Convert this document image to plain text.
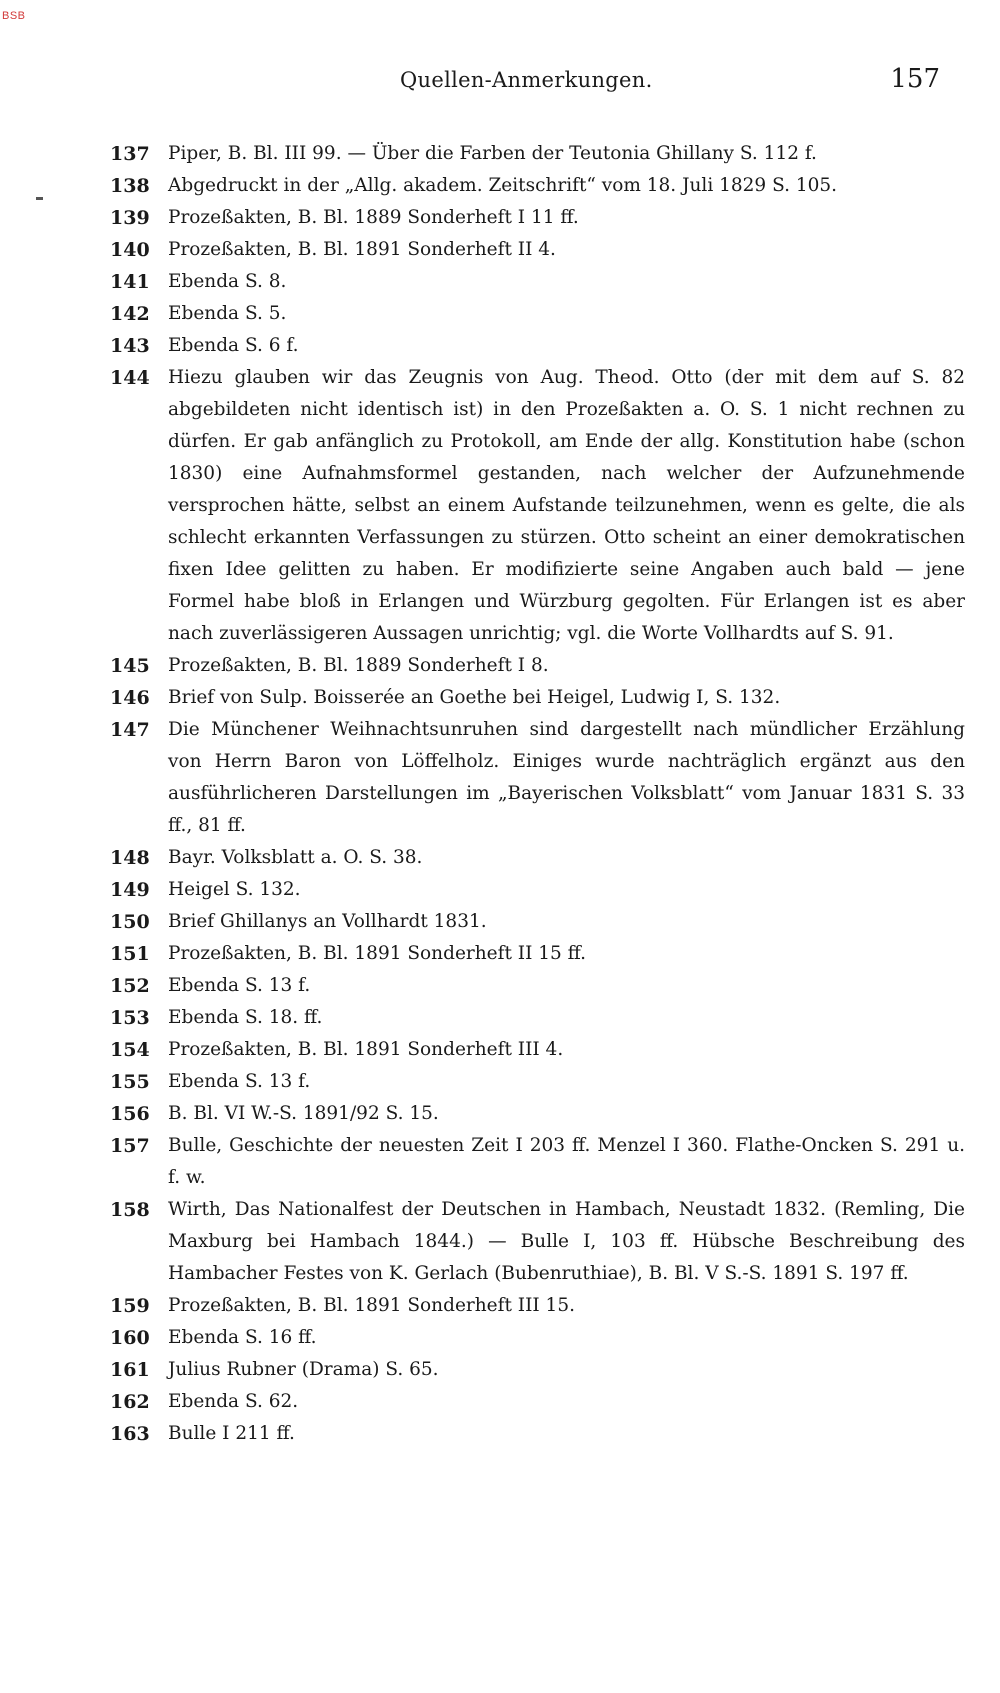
BSB
Quellen-Anmerkungen.	157
137 Piper, B. Bl. III 99. — Über die Farben der Teutonia Ghillany S. 112 f.
138 Abgedruckt in der „Allg. akadem. Zeitschrift“ vom 18. Juli 1829 S. 105.
139 Prozeßakten, B. Bl. 1889 Sonderheft I 11 ff.
140 Prozeßakten, B. Bl. 1891 Sonderheft II 4.
141 Ebenda S. 8.
142 Ebenda S. 5.
143 Ebenda S. 6 f.
144 Hiezu glauben wir das Zeugnis von Aug. Theod. Otto (der mit dem auf S. 82 abgebildeten nicht identisch ist) in den Prozeßakten a. O. S. 1 nicht rechnen zu dürfen. Er gab anfänglich zu Protokoll, am Ende der allg. Konstitution habe (schon 1830) eine Aufnahmsformel gestanden, nach welcher der Aufzunehmende versprochen hätte, selbst an einem Aufstande teilzunehmen, wenn es gelte, die als schlecht erkannten Verfassungen zu stürzen. Otto scheint an einer demokratischen fixen Idee gelitten zu haben. Er modifizierte seine Angaben auch bald — jene Formel habe bloß in Erlangen und Würzburg gegolten. Für Erlangen ist es aber nach zuverlässigeren Aussagen unrichtig; vgl. die Worte Vollhardts auf S. 91.
145 Prozeßakten, B. Bl. 1889 Sonderheft I 8.
146 Brief von Sulp. Boisserée an Goethe bei Heigel, Ludwig I, S. 132.
147 Die Münchener Weihnachtsunruhen sind dargestellt nach mündlicher Erzählung von Herrn Baron von Löffelholz. Einiges wurde nachträglich ergänzt aus den ausführlicheren Darstellungen im „Bayerischen Volksblatt“ vom Januar 1831 S. 33 ff., 81 ff.
148 Bayr. Volksblatt a. O. S. 38.
149 Heigel S. 132.
150 Brief Ghillanys an Vollhardt 1831.
151 Prozeßakten, B. Bl. 1891 Sonderheft II 15 ff.
152 Ebenda S. 13 f.
153 Ebenda S. 18. ff.
154 Prozeßakten, B. Bl. 1891 Sonderheft III 4.
155 Ebenda S. 13 f.
156 B. Bl. VI W.-S. 1891/92 S. 15.
157 Bulle, Geschichte der neuesten Zeit I 203 ff. Menzel I 360. Flathe-Oncken S. 291 u. f. w.
158 Wirth, Das Nationalfest der Deutschen in Hambach, Neustadt 1832. (Remling, Die Maxburg bei Hambach 1844.) — Bulle I, 103 ff. Hübsche Beschreibung des Hambacher Festes von K. Gerlach (Bubenruthiae), B. Bl. V S.-S. 1891 S. 197 ff.
159 Prozeßakten, B. Bl. 1891 Sonderheft III 15.
160 Ebenda S. 16 ff.
161 Julius Rubner (Drama) S. 65.
162 Ebenda S. 62.
163 Bulle I 211 ff.
